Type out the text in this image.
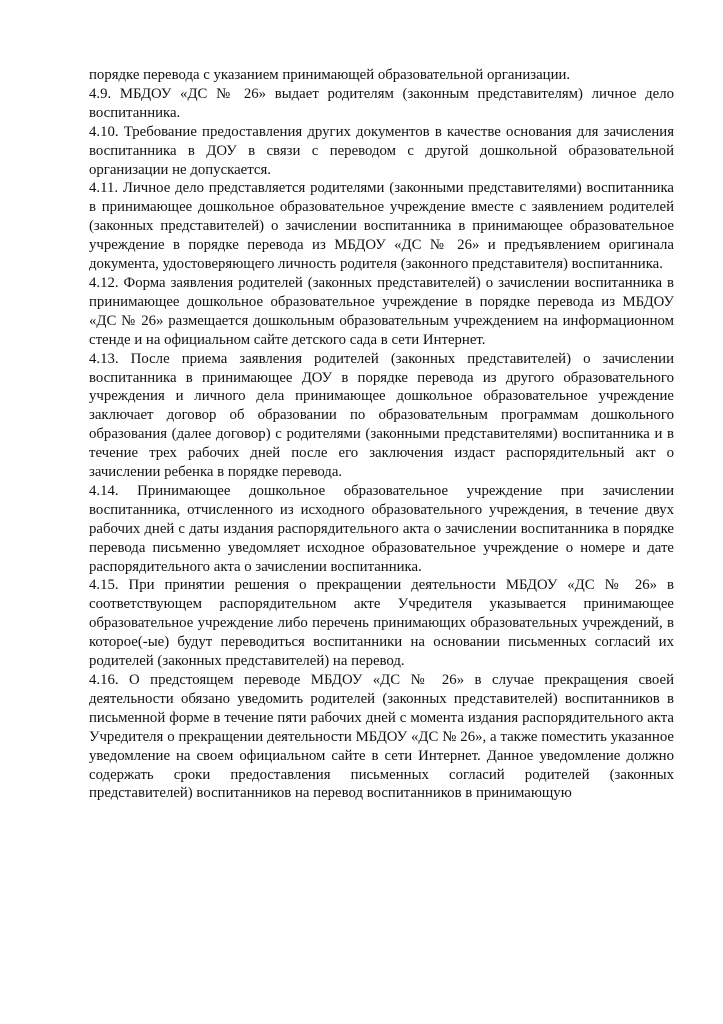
порядке перевода с указанием принимающей образовательной организации.

4.9. МБДОУ «ДС № 26» выдает родителям (законным представителям) личное дело воспитанника.

4.10. Требование предоставления других документов в качестве основания для зачисления воспитанника в ДОУ в связи с переводом с другой дошкольной образовательной организации не допускается.

4.11. Личное дело представляется родителями (законными представителями) воспитанника в принимающее дошкольное образовательное учреждение вместе с заявлением родителей (законных представителей) о зачислении воспитанника в принимающее образовательное учреждение в порядке перевода из МБДОУ «ДС № 26» и предъявлением оригинала документа, удостоверяющего личность родителя (законного представителя) воспитанника.

4.12. Форма заявления родителей (законных представителей) о зачислении воспитанника в принимающее дошкольное образовательное учреждение в порядке перевода из МБДОУ «ДС № 26» размещается дошкольным образовательным учреждением на информационном стенде и на официальном сайте детского сада в сети Интернет.

4.13. После приема заявления родителей (законных представителей) о зачислении воспитанника в принимающее ДОУ в порядке перевода из другого образовательного учреждения и личного дела принимающее дошкольное образовательное учреждение заключает договор об образовании по образовательным программам дошкольного образования (далее договор) с родителями (законными представителями) воспитанника и в течение трех рабочих дней после его заключения издаст распорядительный акт о зачислении ребенка в порядке перевода.

4.14. Принимающее дошкольное образовательное учреждение при зачислении воспитанника, отчисленного из исходного образовательного учреждения, в течение двух рабочих дней с даты издания распорядительного акта о зачислении воспитанника в порядке перевода письменно уведомляет исходное образовательное учреждение о номере и дате распорядительного акта о зачислении воспитанника.

4.15. При принятии решения о прекращении деятельности МБДОУ «ДС № 26» в соответствующем распорядительном акте Учредителя указывается принимающее образовательное учреждение либо перечень принимающих образовательных учреждений, в которое(-ые) будут переводиться воспитанники на основании письменных согласий их родителей (законных представителей) на перевод.

4.16. О предстоящем переводе МБДОУ «ДС № 26» в случае прекращения своей деятельности обязано уведомить родителей (законных представителей) воспитанников в письменной форме в течение пяти рабочих дней с момента издания распорядительного акта Учредителя о прекращении деятельности МБДОУ «ДС № 26», а также поместить указанное уведомление на своем официальном сайте в сети Интернет. Данное уведомление должно содержать сроки предоставления письменных согласий родителей (законных представителей) воспитанников на перевод воспитанников в принимающую
